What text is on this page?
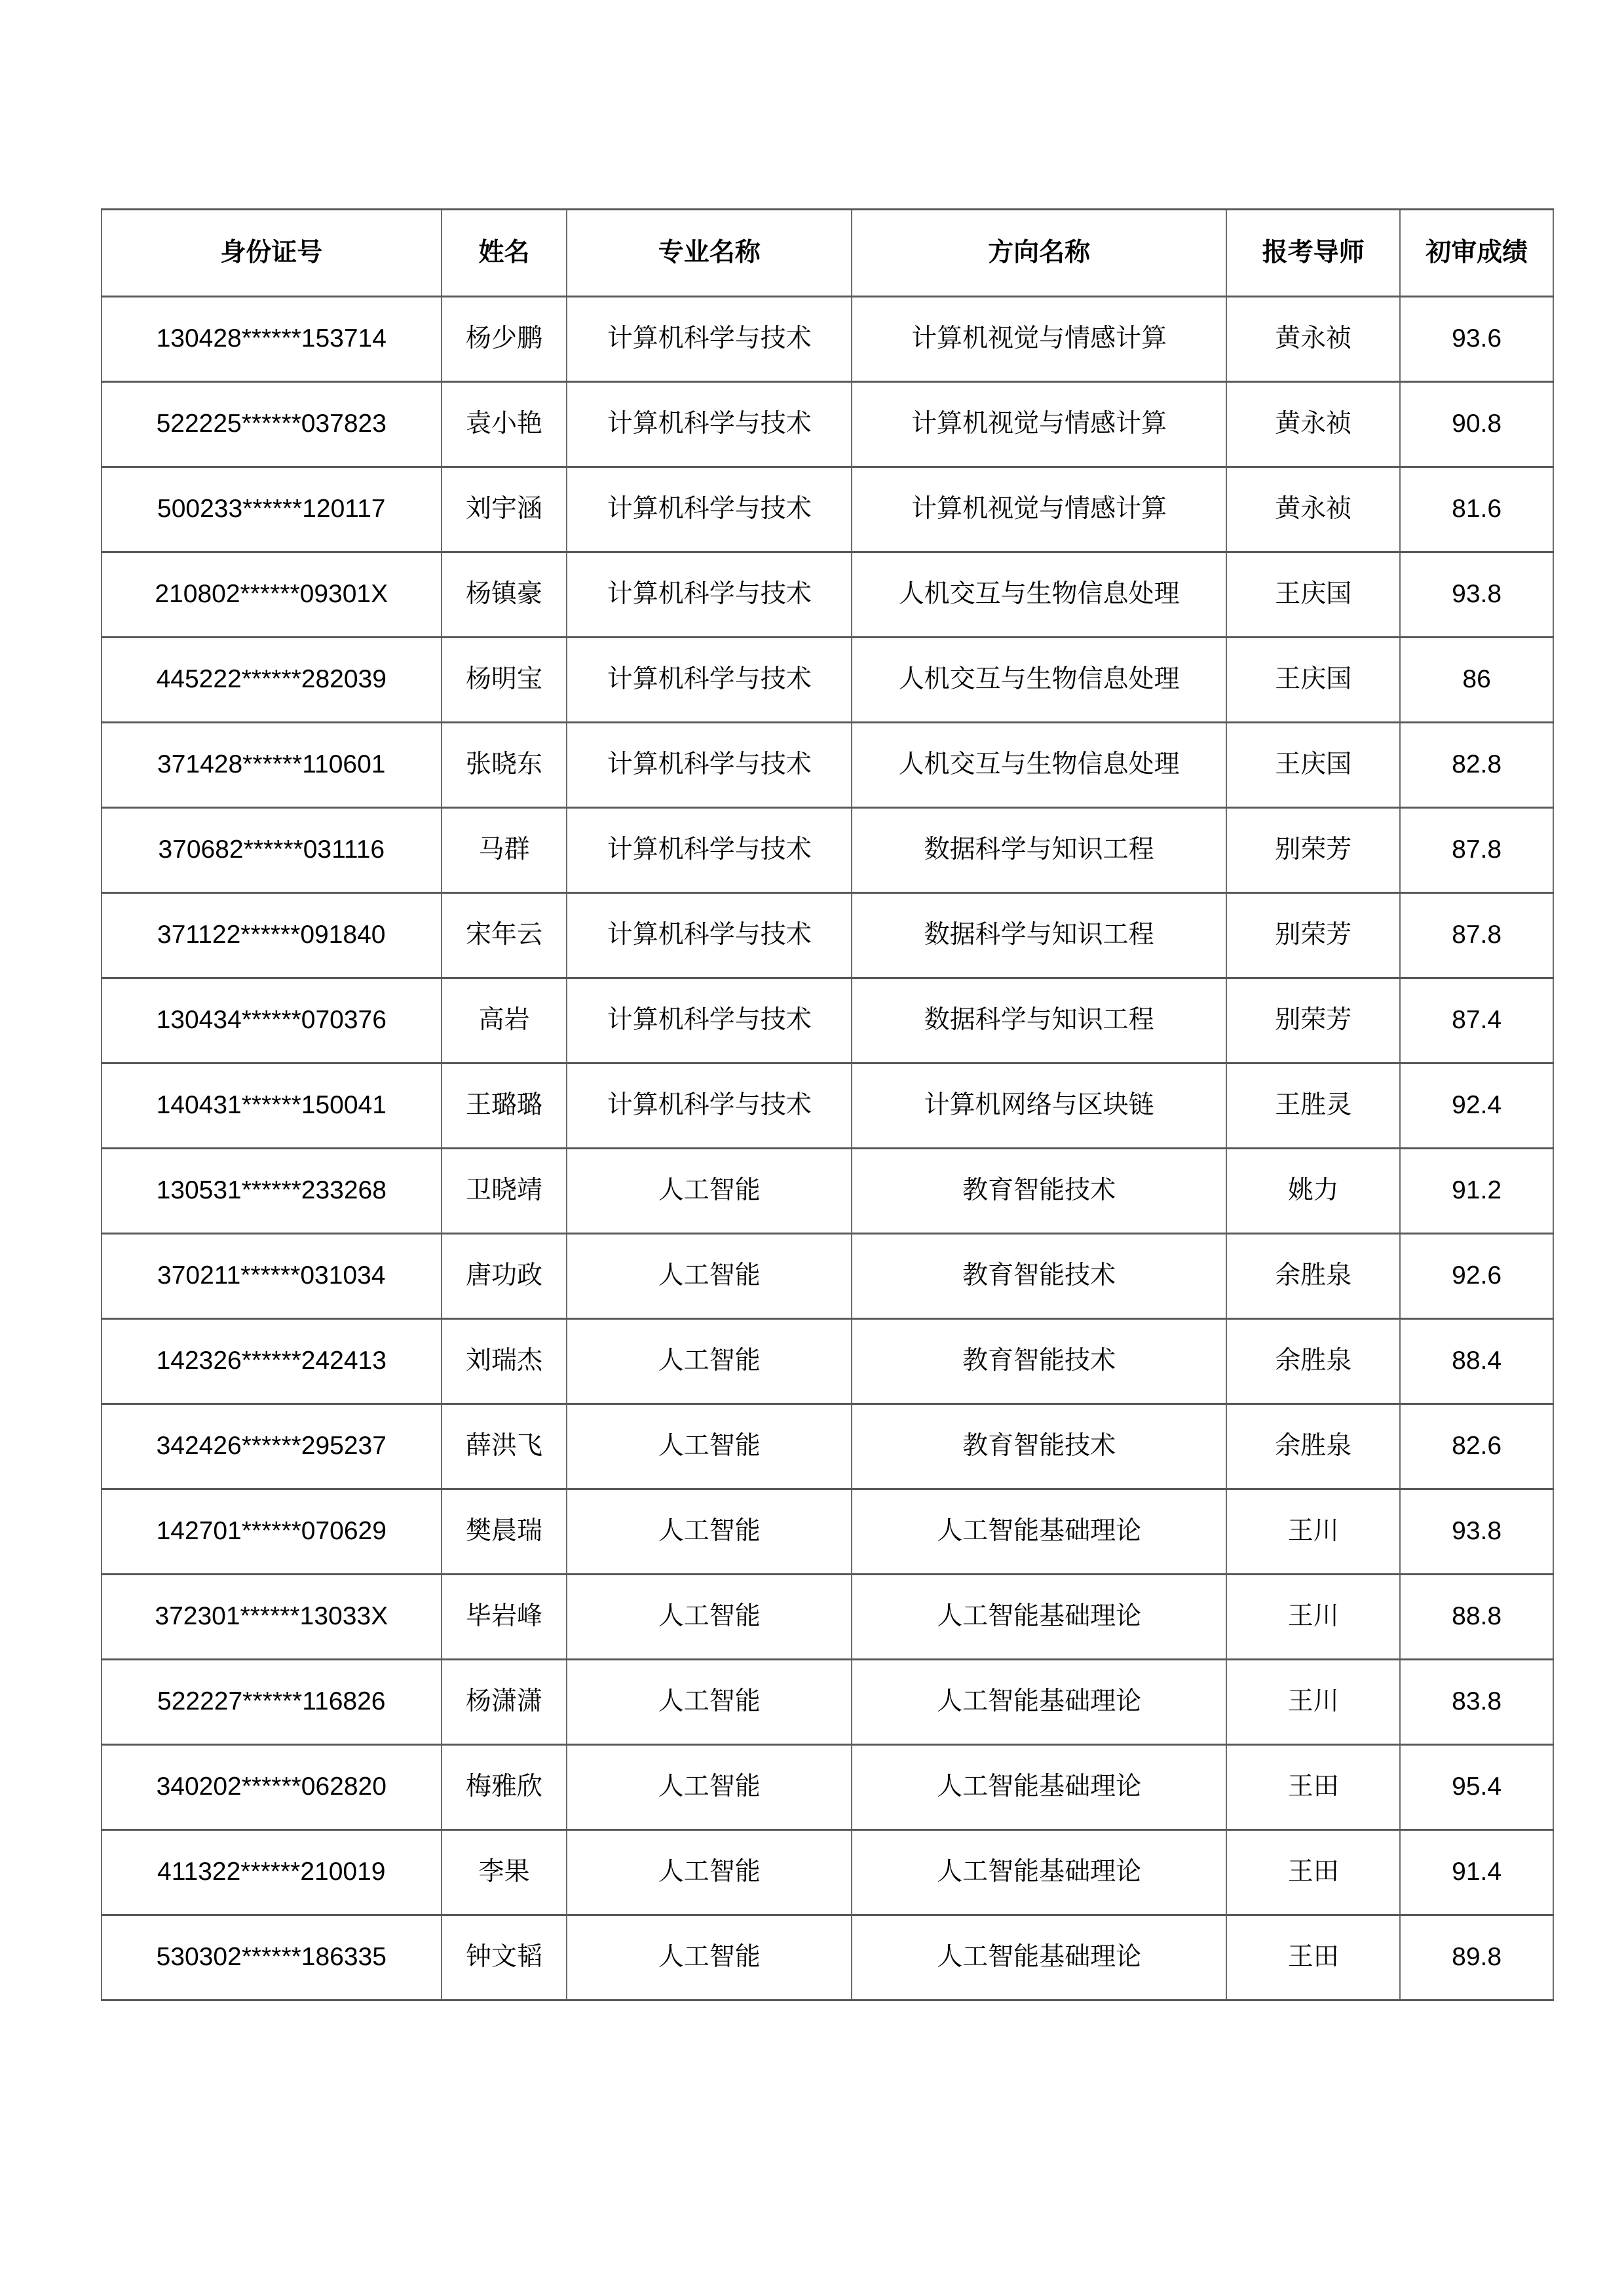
身份证号	姓名	专业名称	方向名称	报考导师	初审成绩
130428******153714	杨少鹏	计算机科学与技术	计算机视觉与情感计算	黄永祯	93.6
522225******037823	袁小艳	计算机科学与技术	计算机视觉与情感计算	黄永祯	90.8
500233******120117	刘宇涵	计算机科学与技术	计算机视觉与情感计算	黄永祯	81.6
210802******09301X	杨镇豪	计算机科学与技术	人机交互与生物信息处理	王庆国	93.8
445222******282039	杨明宝	计算机科学与技术	人机交互与生物信息处理	王庆国	86
371428******110601	张晓东	计算机科学与技术	人机交互与生物信息处理	王庆国	82.8
370682******031116	马群	计算机科学与技术	数据科学与知识工程	别荣芳	87.8
371122******091840	宋年云	计算机科学与技术	数据科学与知识工程	别荣芳	87.8
130434******070376	高岩	计算机科学与技术	数据科学与知识工程	别荣芳	87.4
140431******150041	王璐璐	计算机科学与技术	计算机网络与区块链	王胜灵	92.4
130531******233268	卫晓靖	人工智能	教育智能技术	姚力	91.2
370211******031034	唐功政	人工智能	教育智能技术	余胜泉	92.6
142326******242413	刘瑞杰	人工智能	教育智能技术	余胜泉	88.4
342426******295237	薛洪飞	人工智能	教育智能技术	余胜泉	82.6
142701******070629	樊晨瑞	人工智能	人工智能基础理论	王川	93.8
372301******13033X	毕岩峰	人工智能	人工智能基础理论	王川	88.8
522227******116826	杨潇潇	人工智能	人工智能基础理论	王川	83.8
340202******062820	梅雅欣	人工智能	人工智能基础理论	王田	95.4
411322******210019	李果	人工智能	人工智能基础理论	王田	91.4
530302******186335	钟文韬	人工智能	人工智能基础理论	王田	89.8
